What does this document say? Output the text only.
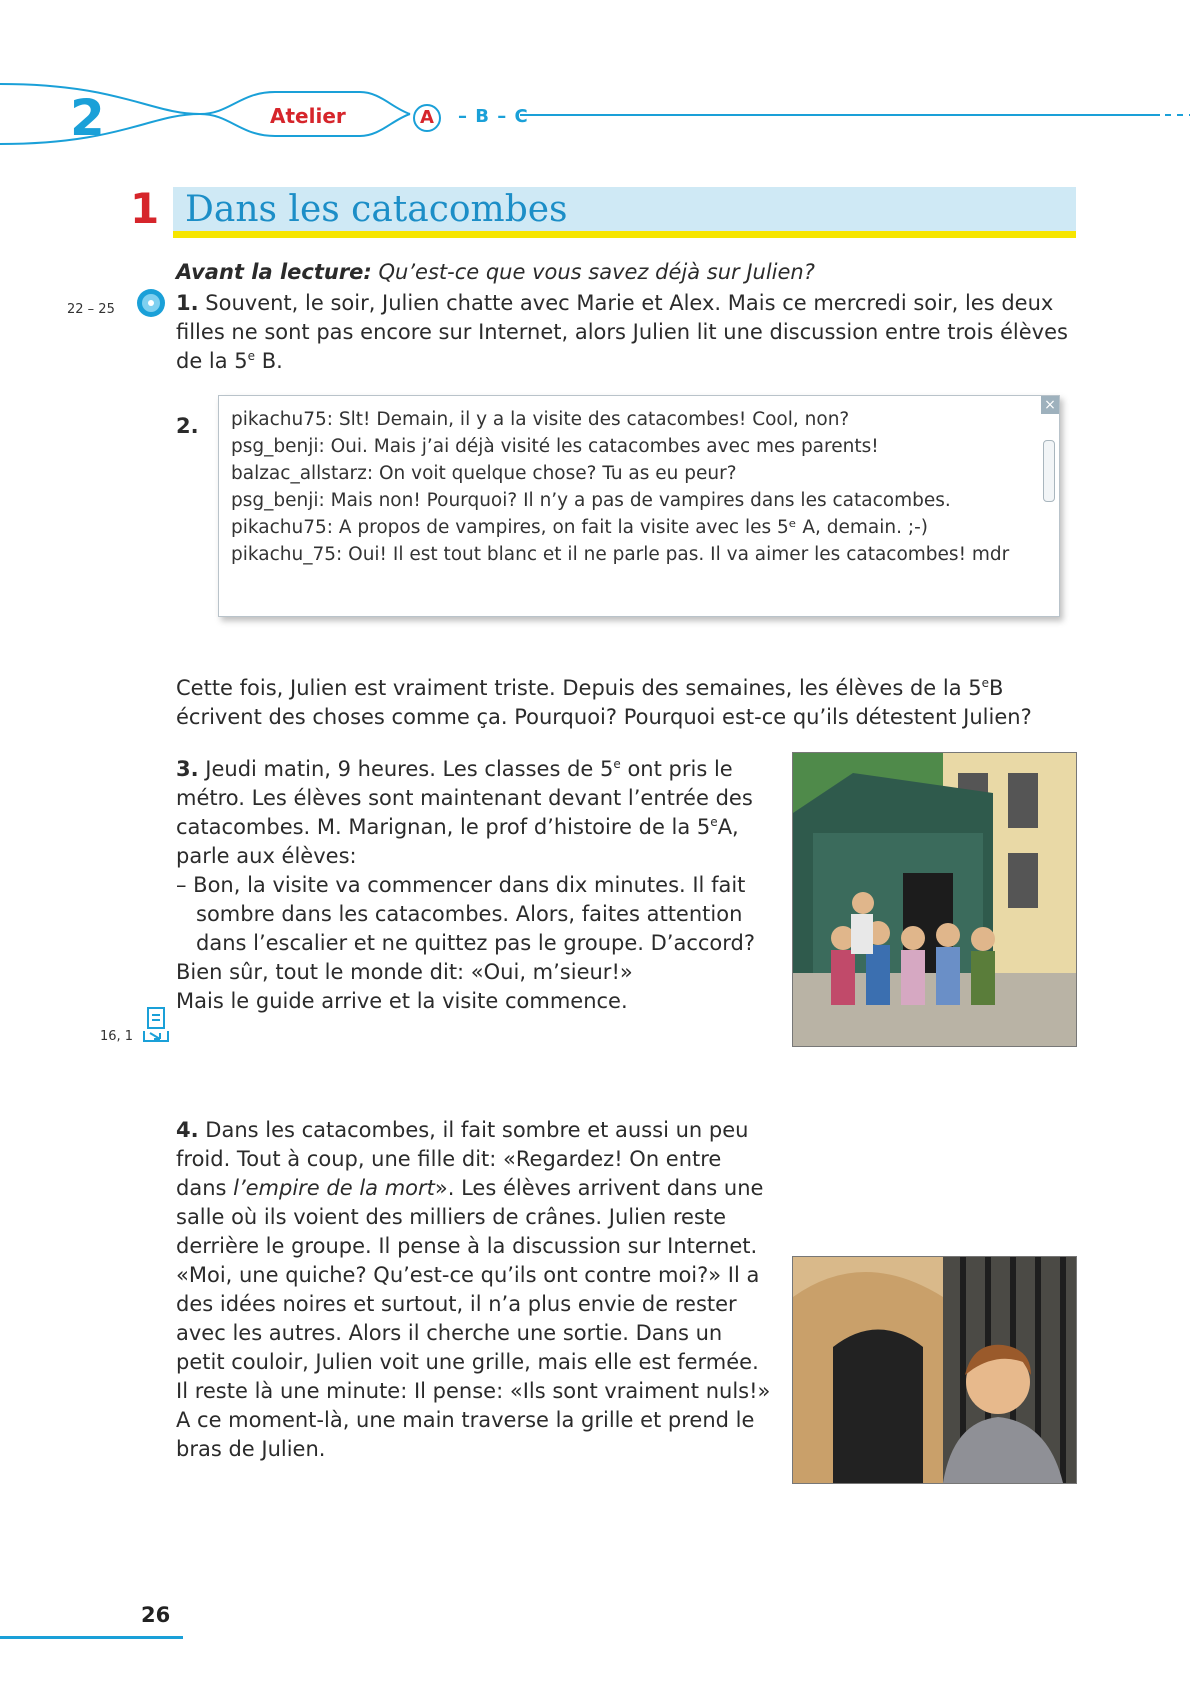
2	Atelier	A	– B – C
1 Dans les catacombes
Avant la lecture: Qu’est-ce que vous savez déjà sur Julien?
22 – 25	1. Souvent, le soir, Julien chatte avec Marie et Alex. Mais ce mercredi soir, les deux filles ne sont pas encore sur Internet, alors Julien lit une discussion entre trois élèves de la 5e B.
2.
×
pikachu75: Slt! Demain, il y a la visite des catacombes! Cool, non?
psg_benji: Oui. Mais j’ai déjà visité les catacombes avec mes parents!
balzac_allstarz: On voit quelque chose? Tu as eu peur?
psg_benji: Mais non! Pourquoi? Il n’y a pas de vampires dans les catacombes.
pikachu75: A propos de vampires, on fait la visite avec les 5ᵉ A, demain. ;-)
pikachu_75: Oui! Il est tout blanc et il ne parle pas. Il va aimer les catacombes! mdr
Cette fois, Julien est vraiment triste. Depuis des semaines, les élèves de la 5eB écrivent des choses comme ça. Pourquoi? Pourquoi est-ce qu’ils détestent Julien?
3. Jeudi matin, 9 heures. Les classes de 5e ont pris le métro. Les élèves sont maintenant devant l’entrée des catacombes. M. Marignan, le prof d’histoire de la 5eA, parle aux élèves:
– Bon, la visite va commencer dans dix minutes. Il fait sombre dans les catacombes. Alors, faites attention dans l’escalier et ne quittez pas le groupe. D’accord?
Bien sûr, tout le monde dit: «Oui, m’sieur!»
Mais le guide arrive et la visite commence.
16, 1
4. Dans les catacombes, il fait sombre et aussi un peu froid. Tout à coup, une fille dit: «Regardez! On entre dans l’empire de la mort». Les élèves arrivent dans une salle où ils voient des milliers de crânes. Julien reste derrière le groupe. Il pense à la discussion sur Internet. «Moi, une quiche? Qu’est-ce qu’ils ont contre moi?» Il a des idées noires et surtout, il n’a plus envie de rester avec les autres. Alors il cherche une sortie. Dans un petit couloir, Julien voit une grille, mais elle est fermée. Il reste là une minute: Il pense: «Ils sont vraiment nuls!» A ce moment-là, une main traverse la grille et prend le bras de Julien.
26
